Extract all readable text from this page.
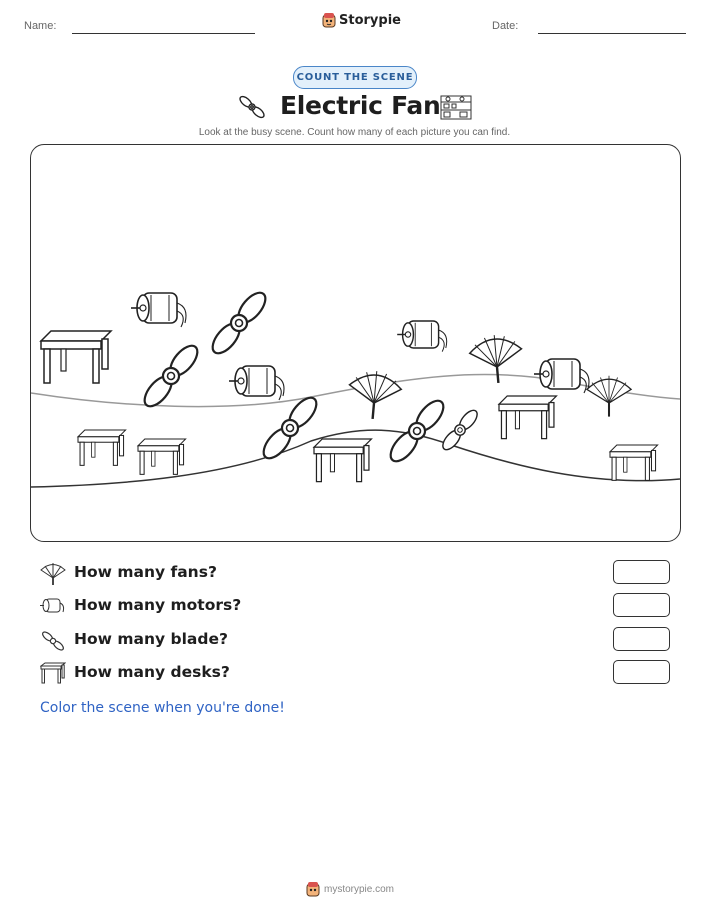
Name:	Date:
Storypie
COUNT THE SCENE
Electric Fan
Look at the busy scene. Count how many of each picture you can find.
How many fans?
How many motors?
How many blade?
How many desks?
Color the scene when you're done!
mystorypie.com
